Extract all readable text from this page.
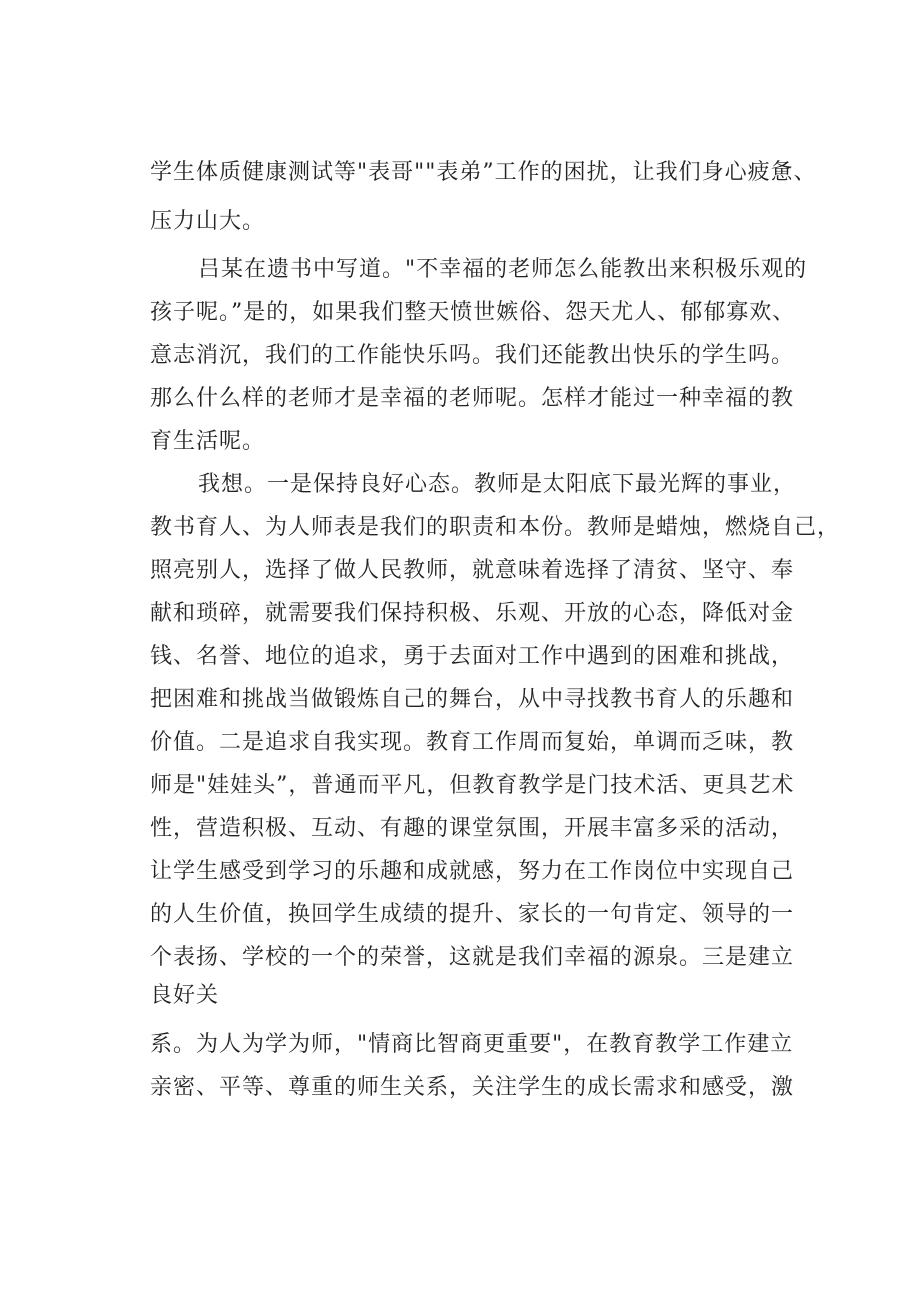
学生体质健康测试等"表哥""表弟”工作的困扰，让我们身心疲惫、
压力山大。
吕某在遗书中写道。"不幸福的老师怎么能教出来积极乐观的
孩子呢。”是的，如果我们整天愤世嫉俗、怨天尤人、郁郁寡欢、
意志消沉，我们的工作能快乐吗。我们还能教出快乐的学生吗。
那么什么样的老师才是幸福的老师呢。怎样才能过一种幸福的教
育生活呢。
我想。一是保持良好心态。教师是太阳底下最光辉的事业，
教书育人、为人师表是我们的职责和本份。教师是蜡烛，燃烧自己，
照亮别人，选择了做人民教师，就意味着选择了清贫、坚守、奉
献和琐碎，就需要我们保持积极、乐观、开放的心态，降低对金
钱、名誉、地位的追求，勇于去面对工作中遇到的困难和挑战，
把困难和挑战当做锻炼自己的舞台，从中寻找教书育人的乐趣和
价值。二是追求自我实现。教育工作周而复始，单调而乏味，教
师是"娃娃头”，普通而平凡，但教育教学是门技术活、更具艺术
性，营造积极、互动、有趣的课堂氛围，开展丰富多采的活动，
让学生感受到学习的乐趣和成就感，努力在工作岗位中实现自己
的人生价值，换回学生成绩的提升、家长的一句肯定、领导的一
个表扬、学校的一个的荣誉，这就是我们幸福的源泉。三是建立
良好关
系。为人为学为师，"情商比智商更重要"，在教育教学工作建立
亲密、平等、尊重的师生关系，关注学生的成长需求和感受，激
